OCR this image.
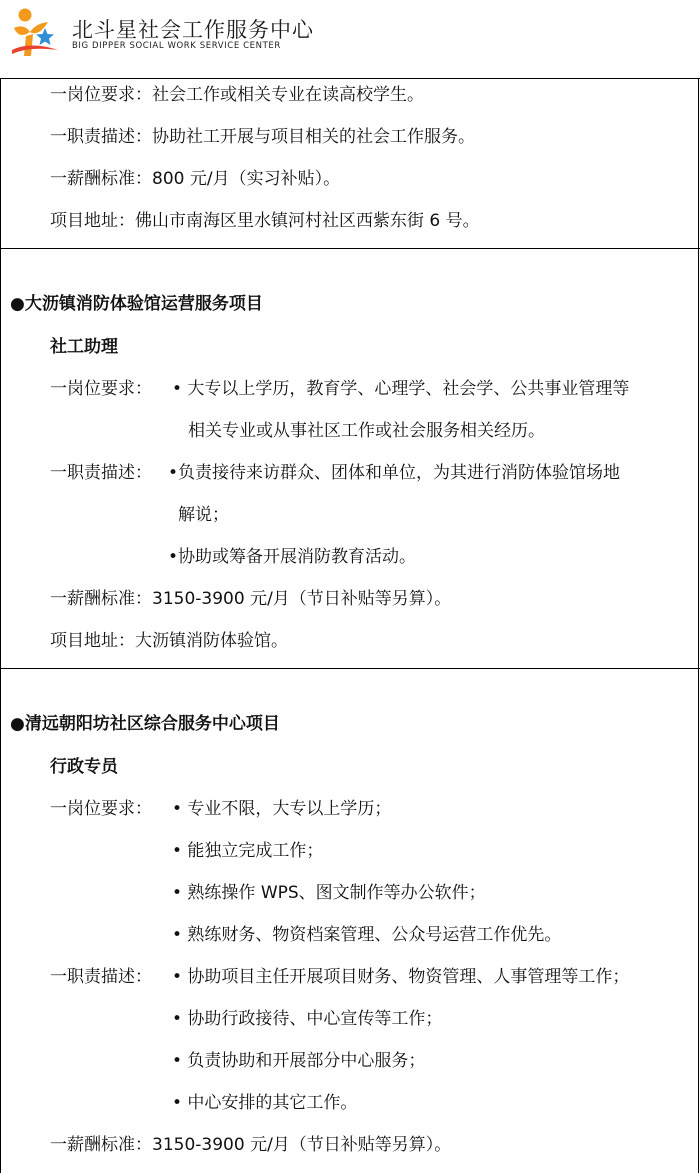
北斗星社会工作服务中心
BIG DIPPER SOCIAL WORK SERVICE CENTER
一岗位要求：社会工作或相关专业在读高校学生。
一职责描述：协助社工开展与项目相关的社会工作服务。
一薪酬标准：800 元/月（实习补贴）。
项目地址：佛山市南海区里水镇河村社区西紫东街 6 号。
●大沥镇消防体验馆运营服务项目
社工助理
一岗位要求： • 大专以上学历，教育学、心理学、社会学、公共事业管理等
相关专业或从事社区工作或社会服务相关经历。
一职责描述： •负责接待来访群众、团体和单位，为其进行消防体验馆场地
解说；
•协助或筹备开展消防教育活动。
一薪酬标准：3150-3900 元/月（节日补贴等另算）。
项目地址：大沥镇消防体验馆。
●清远朝阳坊社区综合服务中心项目
行政专员
一岗位要求： • 专业不限，大专以上学历；
• 能独立完成工作；
• 熟练操作 WPS、图文制作等办公软件；
• 熟练财务、物资档案管理、公众号运营工作优先。
一职责描述： • 协助项目主任开展项目财务、物资管理、人事管理等工作；
• 协助行政接待、中心宣传等工作；
• 负责协助和开展部分中心服务；
• 中心安排的其它工作。
一薪酬标准：3150-3900 元/月（节日补贴等另算）。
